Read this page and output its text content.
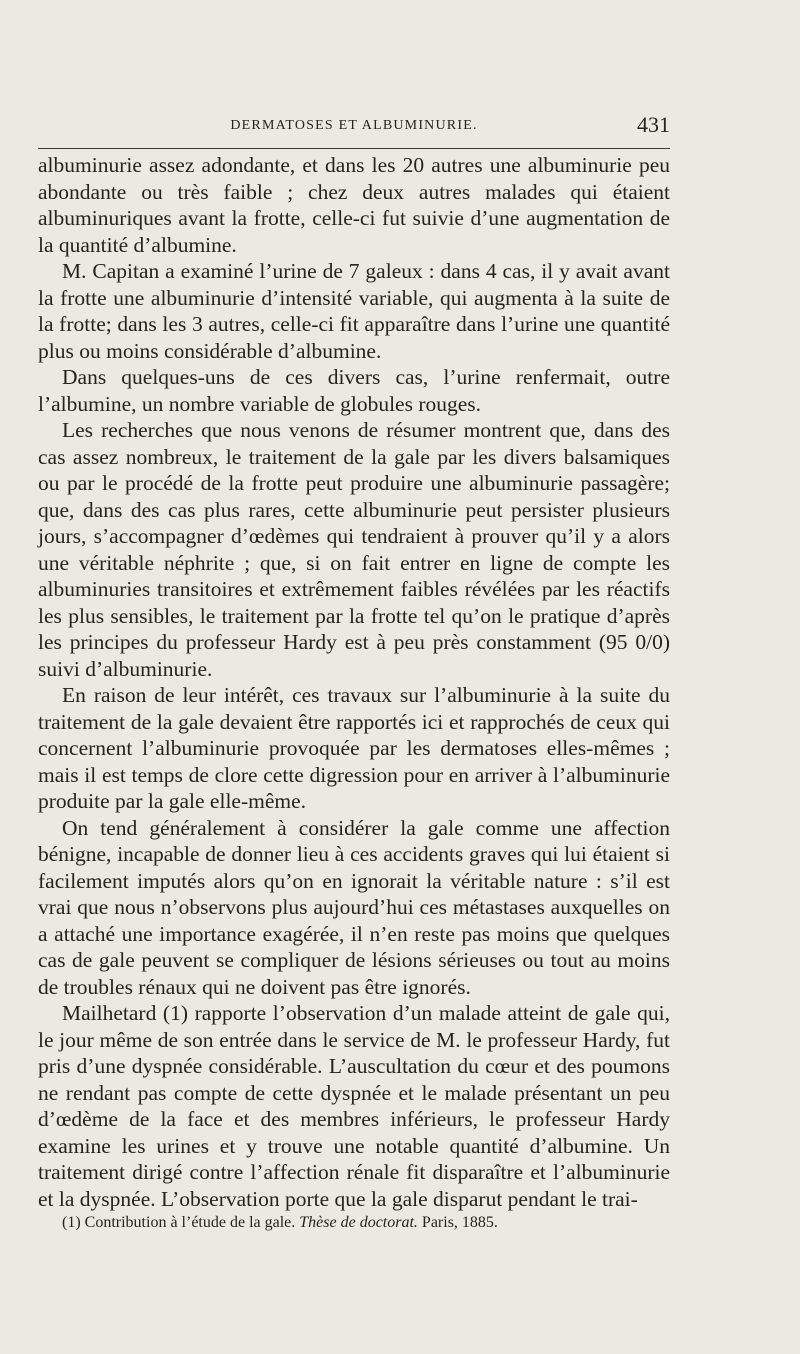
DERMATOSES ET ALBUMINURIE.	431

albuminurie assez adondante, et dans les 20 autres une albuminurie peu abondante ou très faible ; chez deux autres malades qui étaient albuminuriques avant la frotte, celle-ci fut suivie d’une augmentation de la quantité d’albumine.

M. Capitan a examiné l’urine de 7 galeux : dans 4 cas, il y avait avant la frotte une albuminurie d’intensité variable, qui augmenta à la suite de la frotte; dans les 3 autres, celle-ci fit apparaître dans l’urine une quantité plus ou moins considérable d’albumine.

Dans quelques-uns de ces divers cas, l’urine renfermait, outre l’albumine, un nombre variable de globules rouges.

Les recherches que nous venons de résumer montrent que, dans des cas assez nombreux, le traitement de la gale par les divers balsamiques ou par le procédé de la frotte peut produire une albuminurie passagère; que, dans des cas plus rares, cette albuminurie peut persister plusieurs jours, s’accompagner d’œdèmes qui tendraient à prouver qu’il y a alors une véritable néphrite ; que, si on fait entrer en ligne de compte les albuminuries transitoires et extrêmement faibles révélées par les réactifs les plus sensibles, le traitement par la frotte tel qu’on le pratique d’après les principes du professeur Hardy est à peu près constamment (95 0/0) suivi d’albuminurie.

En raison de leur intérêt, ces travaux sur l’albuminurie à la suite du traitement de la gale devaient être rapportés ici et rapprochés de ceux qui concernent l’albuminurie provoquée par les dermatoses elles-mêmes ; mais il est temps de clore cette digression pour en arriver à l’albuminurie produite par la gale elle-même.

On tend généralement à considérer la gale comme une affection bénigne, incapable de donner lieu à ces accidents graves qui lui étaient si facilement imputés alors qu’on en ignorait la véritable nature : s’il est vrai que nous n’observons plus aujourd’hui ces métastases auxquelles on a attaché une importance exagérée, il n’en reste pas moins que quelques cas de gale peuvent se compliquer de lésions sérieuses ou tout au moins de troubles rénaux qui ne doivent pas être ignorés.

Mailhetard (1) rapporte l’observation d’un malade atteint de gale qui, le jour même de son entrée dans le service de M. le professeur Hardy, fut pris d’une dyspnée considérable. L’auscultation du cœur et des poumons ne rendant pas compte de cette dyspnée et le malade présentant un peu d’œdème de la face et des membres inférieurs, le professeur Hardy examine les urines et y trouve une notable quantité d’albumine. Un traitement dirigé contre l’affection rénale fit disparaître et l’albuminurie et la dyspnée. L’observation porte que la gale disparut pendant le trai-

(1) Contribution à l’étude de la gale. Thèse de doctorat. Paris, 1885.
